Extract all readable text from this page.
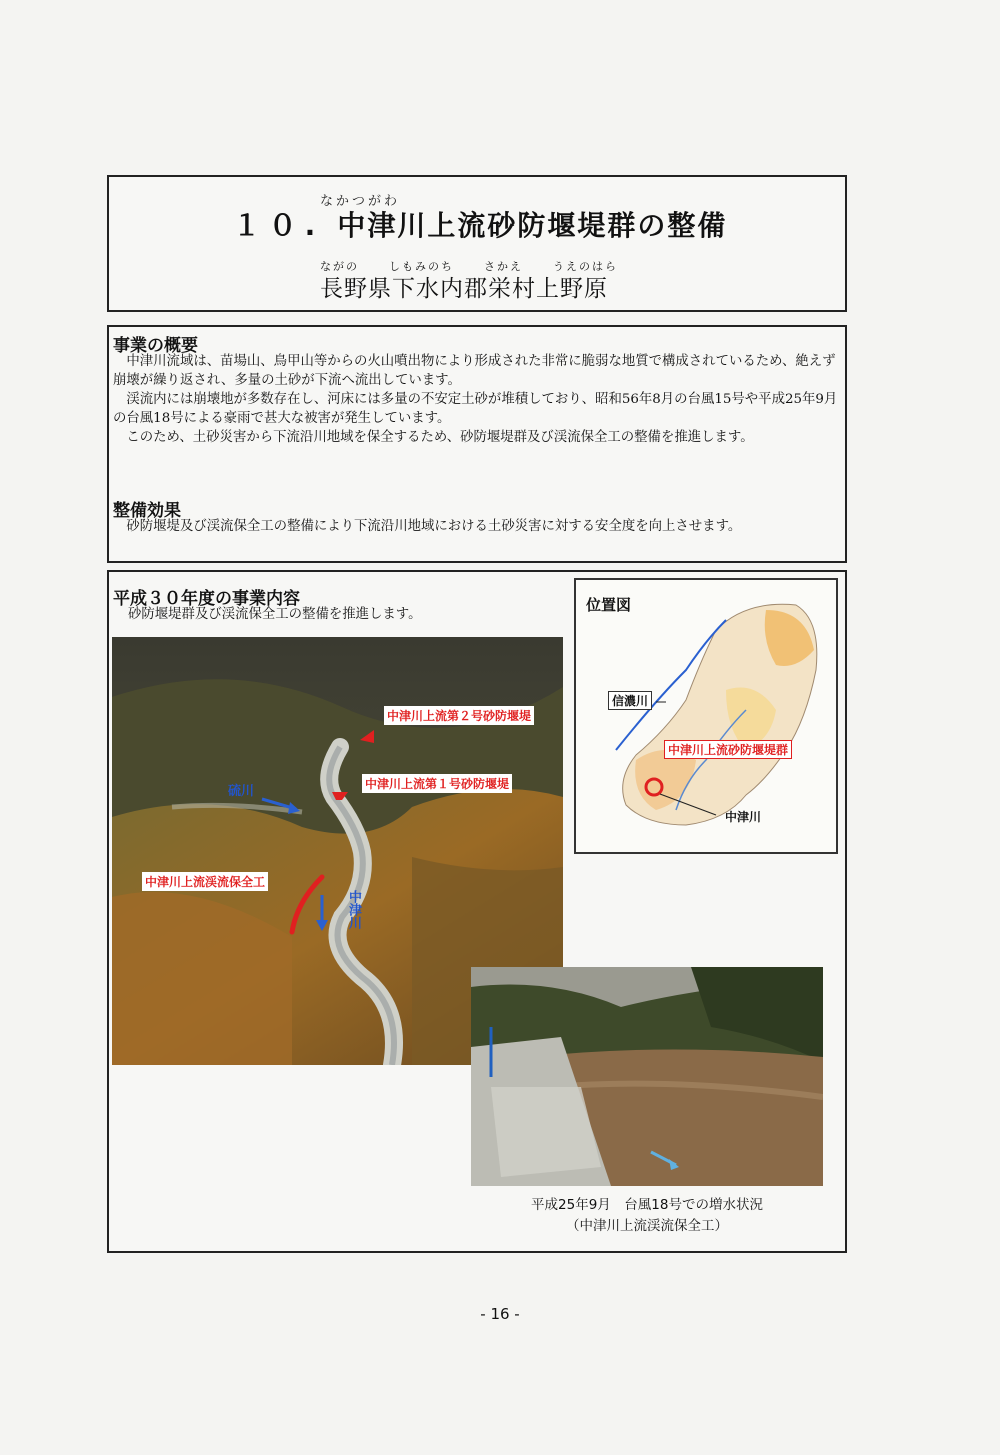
なかつがわ
１０. 中津川上流砂防堰堤群の整備
ながの	しもみのち	さかえ	うえのはら
長野県下水内郡栄村上野原
事業の概要

中津川流域は、苗場山、鳥甲山等からの火山噴出物により形成された非常に脆弱な地質で構成されているため、絶えず崩壊が繰り返され、多量の土砂が下流へ流出しています。

渓流内には崩壊地が多数存在し、河床には多量の不安定土砂が堆積しており、昭和56年8月の台風15号や平成25年9月の台風18号による豪雨で甚大な被害が発生しています。

このため、土砂災害から下流沿川地域を保全するため、砂防堰堤群及び渓流保全工の整備を推進します。

整備効果

砂防堰堤及び渓流保全工の整備により下流沿川地域における土砂災害に対する安全度を向上させます。

平成３０年度の事業内容
砂防堰堤群及び渓流保全工の整備を推進します。
中津川上流第２号砂防堰堤
中津川上流第１号砂防堰堤
中津川上流渓流保全工
硫川
中津川
位置図
信濃川
中津川上流砂防堰堤群
中津川
平成25年9月　台風18号での増水状況
（中津川上流渓流保全工）
- 16 -
